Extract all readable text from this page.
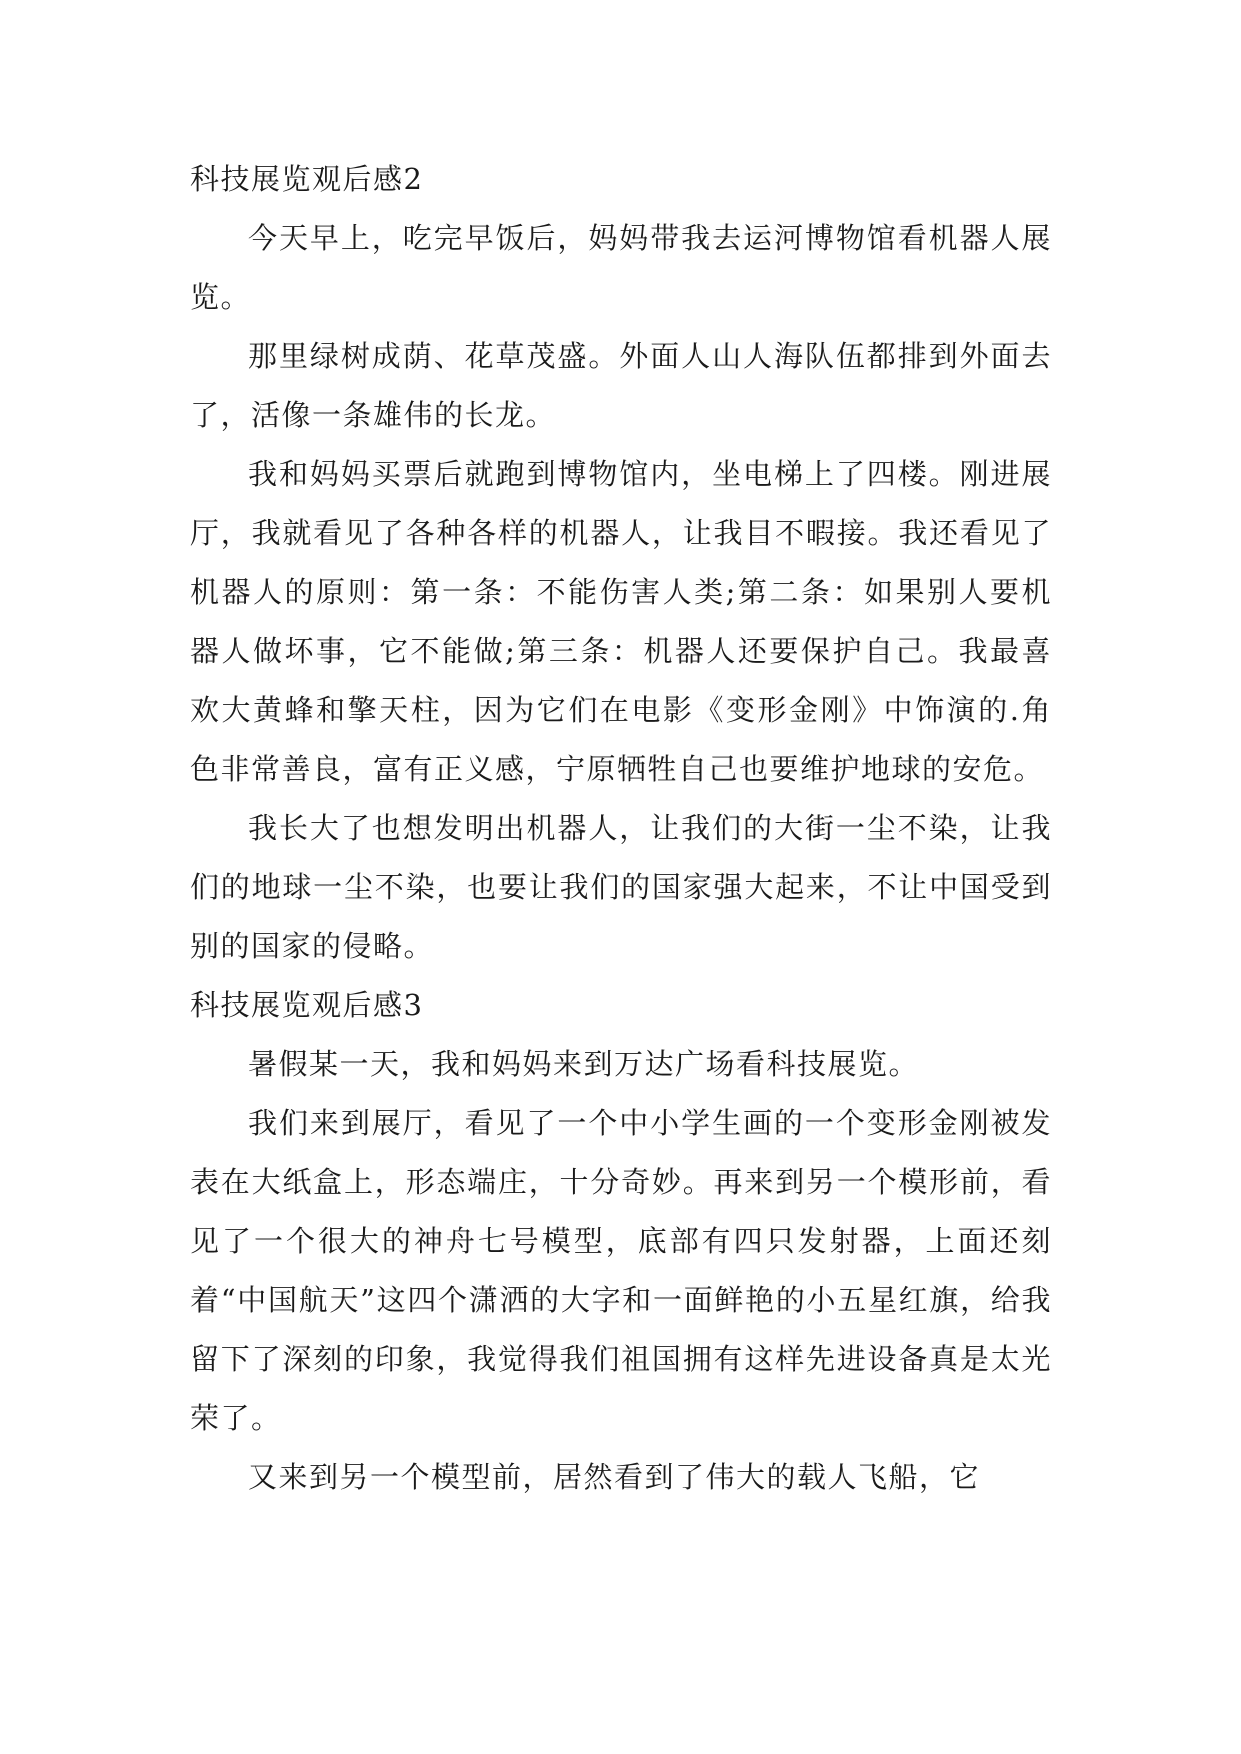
科技展览观后感2

今天早上，吃完早饭后，妈妈带我去运河博物馆看机器人展览。

那里绿树成荫、花草茂盛。外面人山人海队伍都排到外面去了，活像一条雄伟的长龙。

我和妈妈买票后就跑到博物馆内，坐电梯上了四楼。刚进展厅，我就看见了各种各样的机器人，让我目不暇接。我还看见了机器人的原则：第一条：不能伤害人类;第二条：如果别人要机器人做坏事，它不能做;第三条：机器人还要保护自己。我最喜欢大黄蜂和擎天柱，因为它们在电影《变形金刚》中饰演的.角色非常善良，富有正义感，宁原牺牲自己也要维护地球的安危。

我长大了也想发明出机器人，让我们的大街一尘不染，让我们的地球一尘不染，也要让我们的国家强大起来，不让中国受到别的国家的侵略。

科技展览观后感3

暑假某一天，我和妈妈来到万达广场看科技展览。

我们来到展厅，看见了一个中小学生画的一个变形金刚被发表在大纸盒上，形态端庄，十分奇妙。再来到另一个模形前，看见了一个很大的神舟七号模型，底部有四只发射器，上面还刻着“中国航天”这四个潇洒的大字和一面鲜艳的小五星红旗，给我留下了深刻的印象，我觉得我们祖国拥有这样先进设备真是太光荣了。

又来到另一个模型前，居然看到了伟大的载人飞船，它
